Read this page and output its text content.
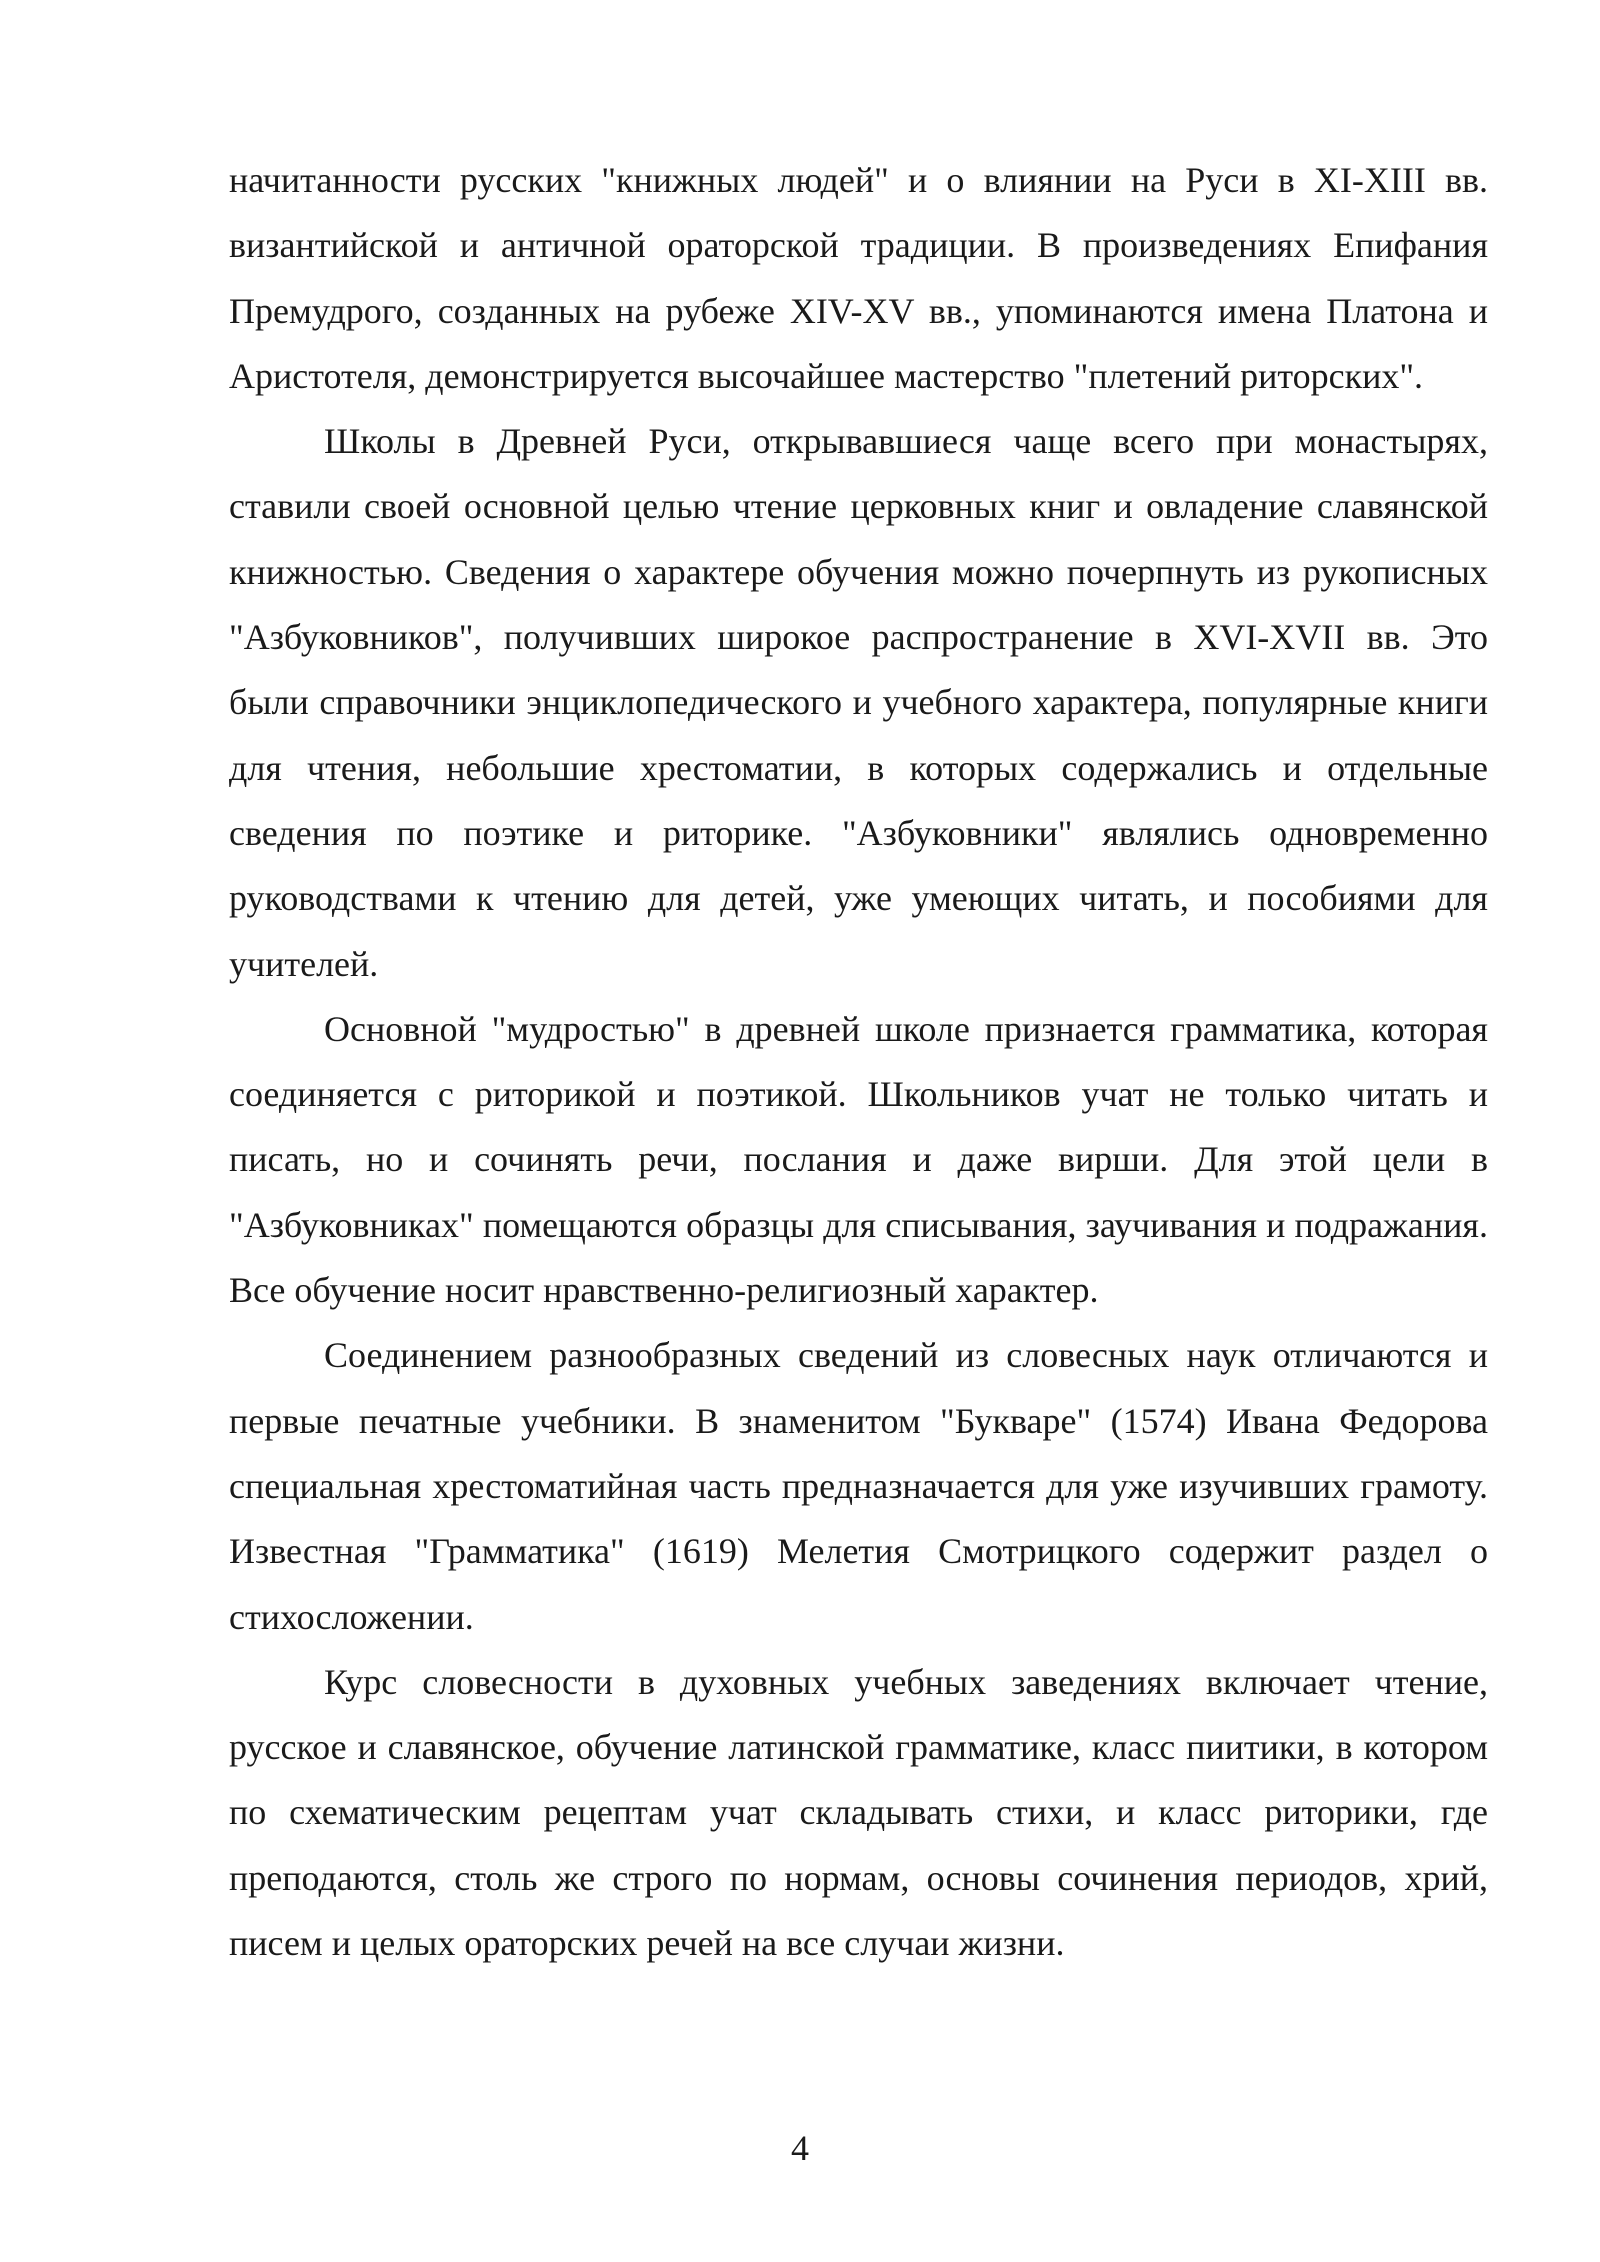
начитанности русских "книжных людей" и о влиянии на Руси в XI-XIII вв. византийской и античной ораторской традиции. В произведениях Епифания Премудрого, созданных на рубеже XIV-XV вв., упоминаются имена Платона и Аристотеля, демонстрируется высочайшее мастерство "плетений риторских".

Школы в Древней Руси, открывавшиеся чаще всего при монастырях, ставили своей основной целью чтение церковных книг и овладение славянской книжностью. Сведения о характере обучения можно почерпнуть из рукописных "Азбуковников", получивших широкое распространение в XVI-XVII вв. Это были справочники энциклопедического и учебного характера, популярные книги для чтения, небольшие хрестоматии, в которых содержались и отдельные сведения по поэтике и риторике. "Азбуковники" являлись одновременно руководствами к чтению для детей, уже умеющих читать, и пособиями для учителей.

Основной "мудростью" в древней школе признается грамматика, которая соединяется с риторикой и поэтикой. Школьников учат не только читать и писать, но и сочинять речи, послания и даже вирши. Для этой цели в "Азбуковниках" помещаются образцы для списывания, заучивания и подражания. Все обучение носит нравственно-религиозный характер.

Соединением разнообразных сведений из словесных наук отличаются и первые печатные учебники. В знаменитом "Букваре" (1574) Ивана Федорова специальная хрестоматийная часть предназначается для уже изучивших грамоту. Известная "Грамматика" (1619) Мелетия Смотрицкого содержит раздел о стихосложении.

Курс словесности в духовных учебных заведениях включает чтение, русское и славянское, обучение латинской грамматике, класс пиитики, в котором по схематическим рецептам учат складывать стихи, и класс риторики, где преподаются, столь же строго по нормам, основы сочинения периодов, хрий, писем и целых ораторских речей на все случаи жизни.

4
